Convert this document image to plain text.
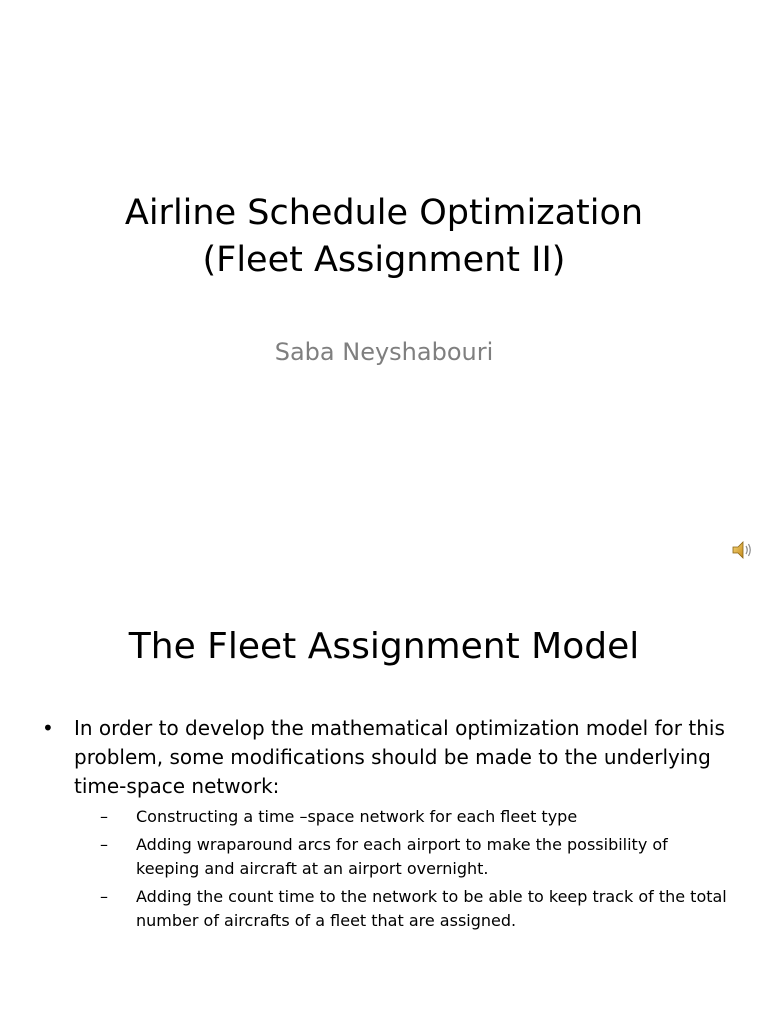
Airline Schedule Optimization
(Fleet Assignment II)
Saba Neyshabouri
The Fleet Assignment Model
•	In order to develop the mathematical optimization model for this problem, some modifications should be made to the underlying time-space network:
–	Constructing a time –space network for each fleet type
–	Adding wraparound arcs for each airport to make the possibility of keeping and aircraft at an airport overnight.
–	Adding the count time to the network to be able to keep track of the total number of aircrafts of a fleet that are assigned.
